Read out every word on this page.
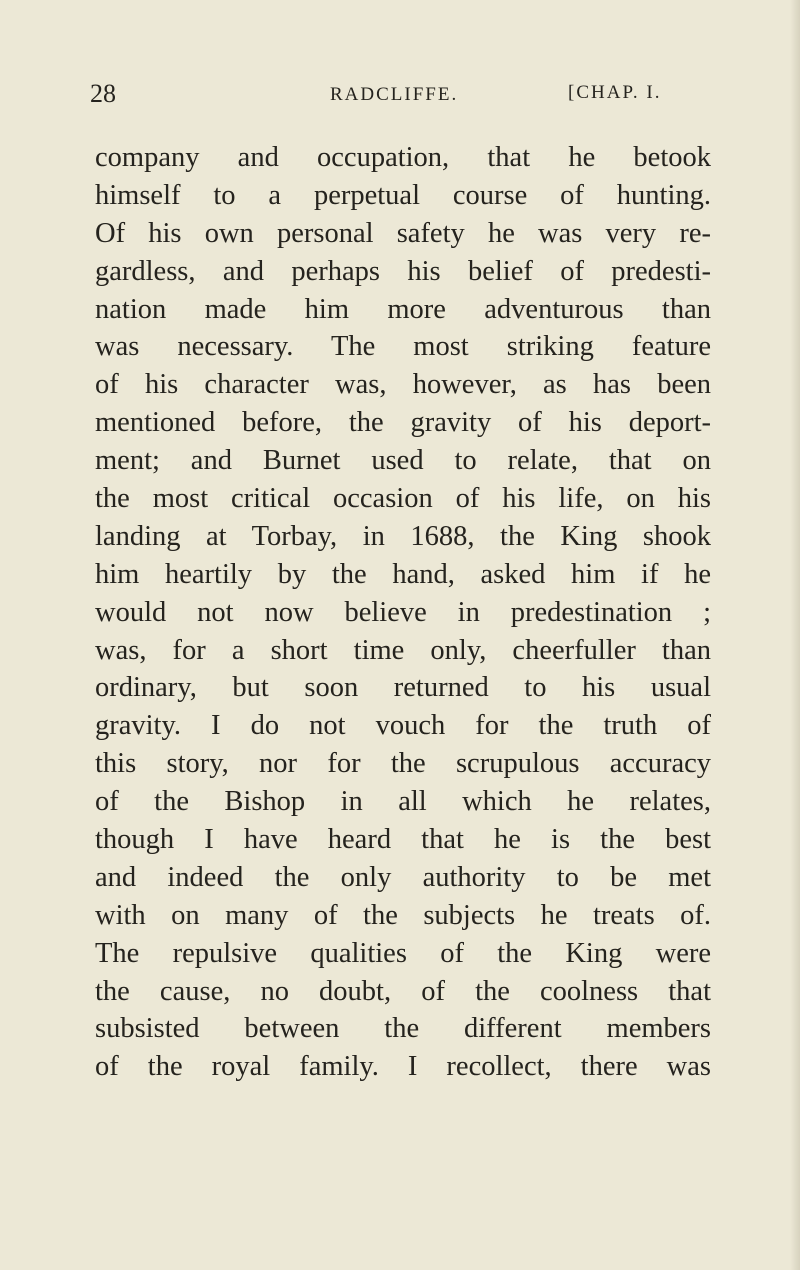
28	RADCLIFFE.	[CHAP. I.
company and occupation, that he betook
himself to a perpetual course of hunting.
Of his own personal safety he was very re-
gardless, and perhaps his belief of predesti-
nation made him more adventurous than
was necessary. The most striking feature
of his character was, however, as has been
mentioned before, the gravity of his deport-
ment; and Burnet used to relate, that on
the most critical occasion of his life, on his
landing at Torbay, in 1688, the King shook
him heartily by the hand, asked him if he
would not now believe in predestination ;
was, for a short time only, cheerfuller than
ordinary, but soon returned to his usual
gravity. I do not vouch for the truth of
this story, nor for the scrupulous accuracy
of the Bishop in all which he relates,
though I have heard that he is the best
and indeed the only authority to be met
with on many of the subjects he treats of.
The repulsive qualities of the King were
the cause, no doubt, of the coolness that
subsisted between the different members
of the royal family. I recollect, there was
